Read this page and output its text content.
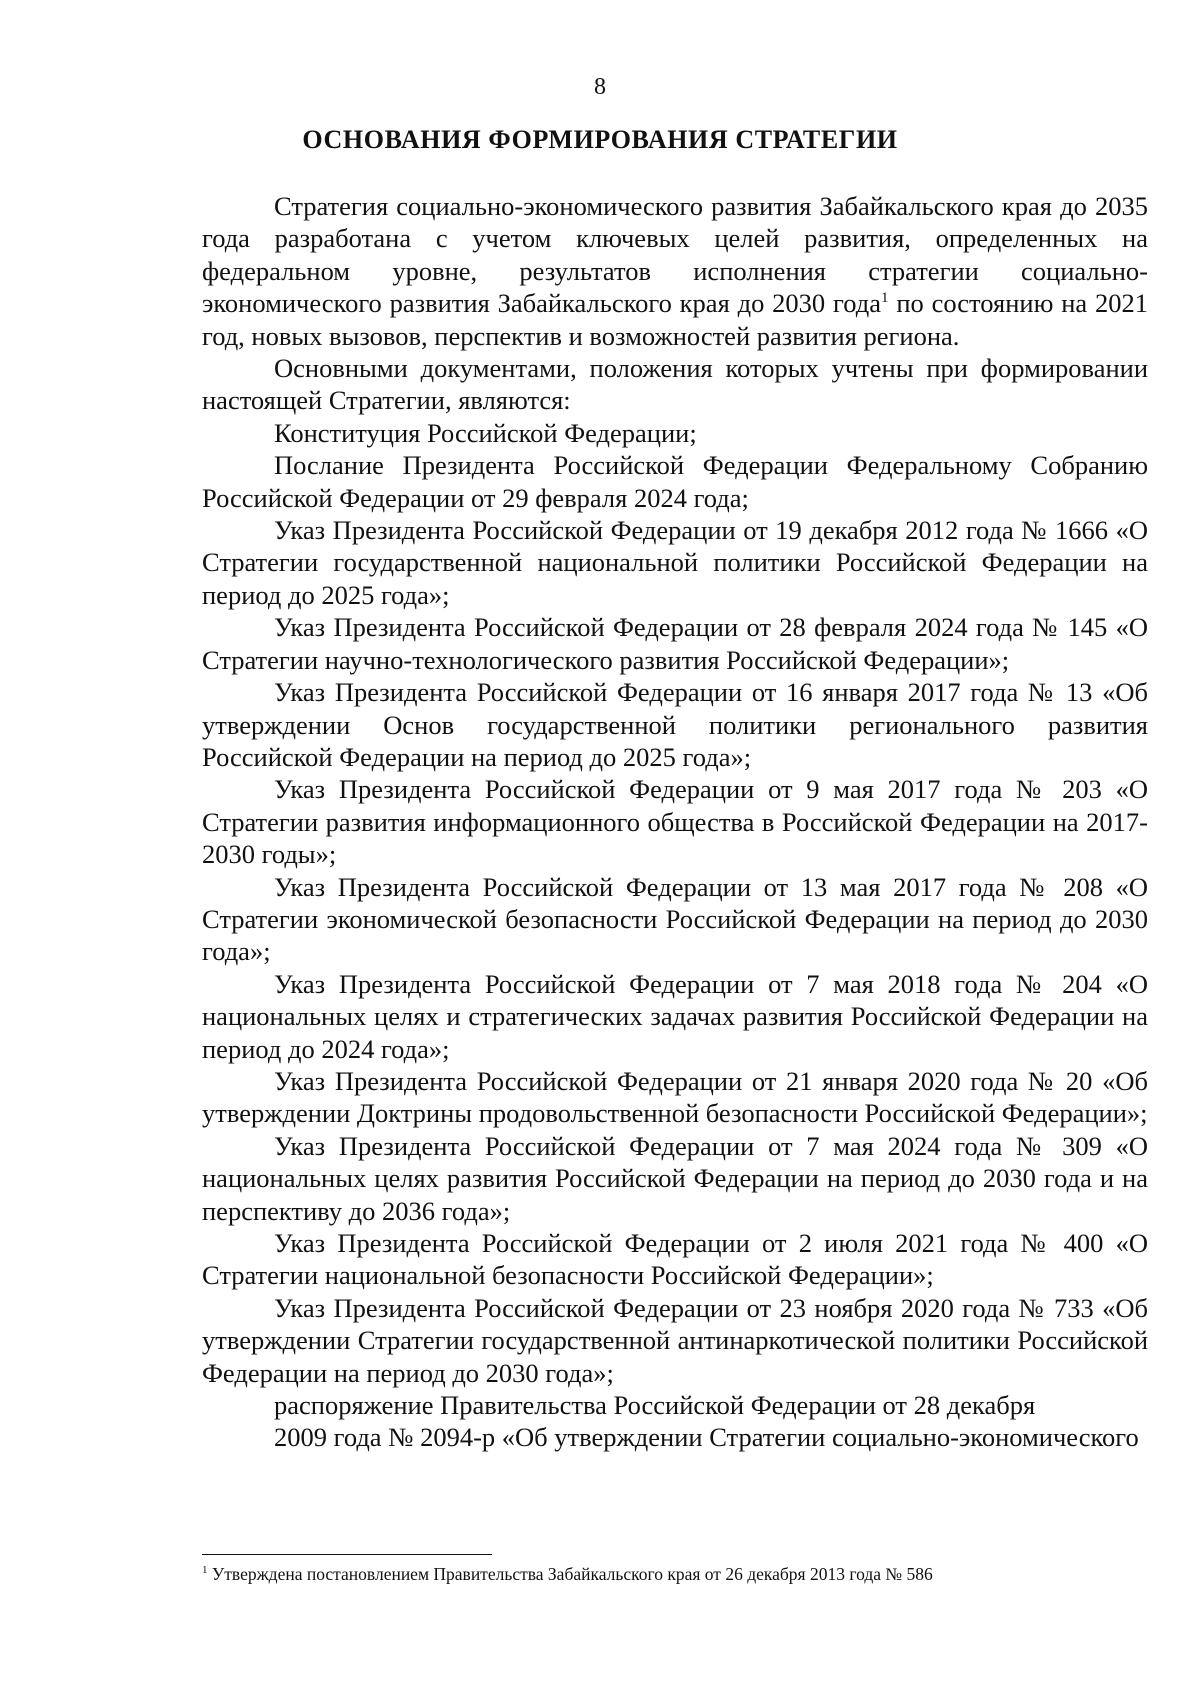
8
ОСНОВАНИЯ ФОРМИРОВАНИЯ СТРАТЕГИИ

Стратегия социально-экономического развития Забайкальского края до 2035 года разработана с учетом ключевых целей развития, определенных на федеральном уровне, результатов исполнения стратегии социально-экономического развития Забайкальского края до 2030 года$^1$ по состоянию на 2021 год, новых вызовов, перспектив и возможностей развития региона.

Основными документами, положения которых учтены при формировании настоящей Стратегии, являются:

Конституция Российской Федерации;

Послание Президента Российской Федерации Федеральному Собранию Российской Федерации от 29 февраля 2024 года;

Указ Президента Российской Федерации от 19 декабря 2012 года № 1666 «О Стратегии государственной национальной политики Российской Федерации на период до 2025 года»;

Указ Президента Российской Федерации от 28 февраля 2024 года № 145 «О Стратегии научно-технологического развития Российской Федерации»;

Указ Президента Российской Федерации от 16 января 2017 года № 13 «Об утверждении Основ государственной политики регионального развития Российской Федерации на период до 2025 года»;

Указ Президента Российской Федерации от 9 мая 2017 года № 203 «О Стратегии развития информационного общества в Российской Федерации на 2017-2030 годы»;

Указ Президента Российской Федерации от 13 мая 2017 года № 208 «О Стратегии экономической безопасности Российской Федерации на период до 2030 года»;

Указ Президента Российской Федерации от 7 мая 2018 года № 204 «О национальных целях и стратегических задачах развития Российской Федерации на период до 2024 года»;

Указ Президента Российской Федерации от 21 января 2020 года № 20 «Об утверждении Доктрины продовольственной безопасности Российской Федерации»;

Указ Президента Российской Федерации от 7 мая 2024 года № 309 «О национальных целях развития Российской Федерации на период до 2030 года и на перспективу до 2036 года»;

Указ Президента Российской Федерации от 2 июля 2021 года № 400 «О Стратегии национальной безопасности Российской Федерации»;

Указ Президента Российской Федерации от 23 ноября 2020 года № 733 «Об утверждении Стратегии государственной антинаркотической политики Российской Федерации на период до 2030 года»;

распоряжение Правительства Российской Федерации от 28 декабря
2009 года № 2094-р «Об утверждении Стратегии социально-экономического

$^1$ Утверждена постановлением Правительства Забайкальского края от 26 декабря 2013 года № 586
